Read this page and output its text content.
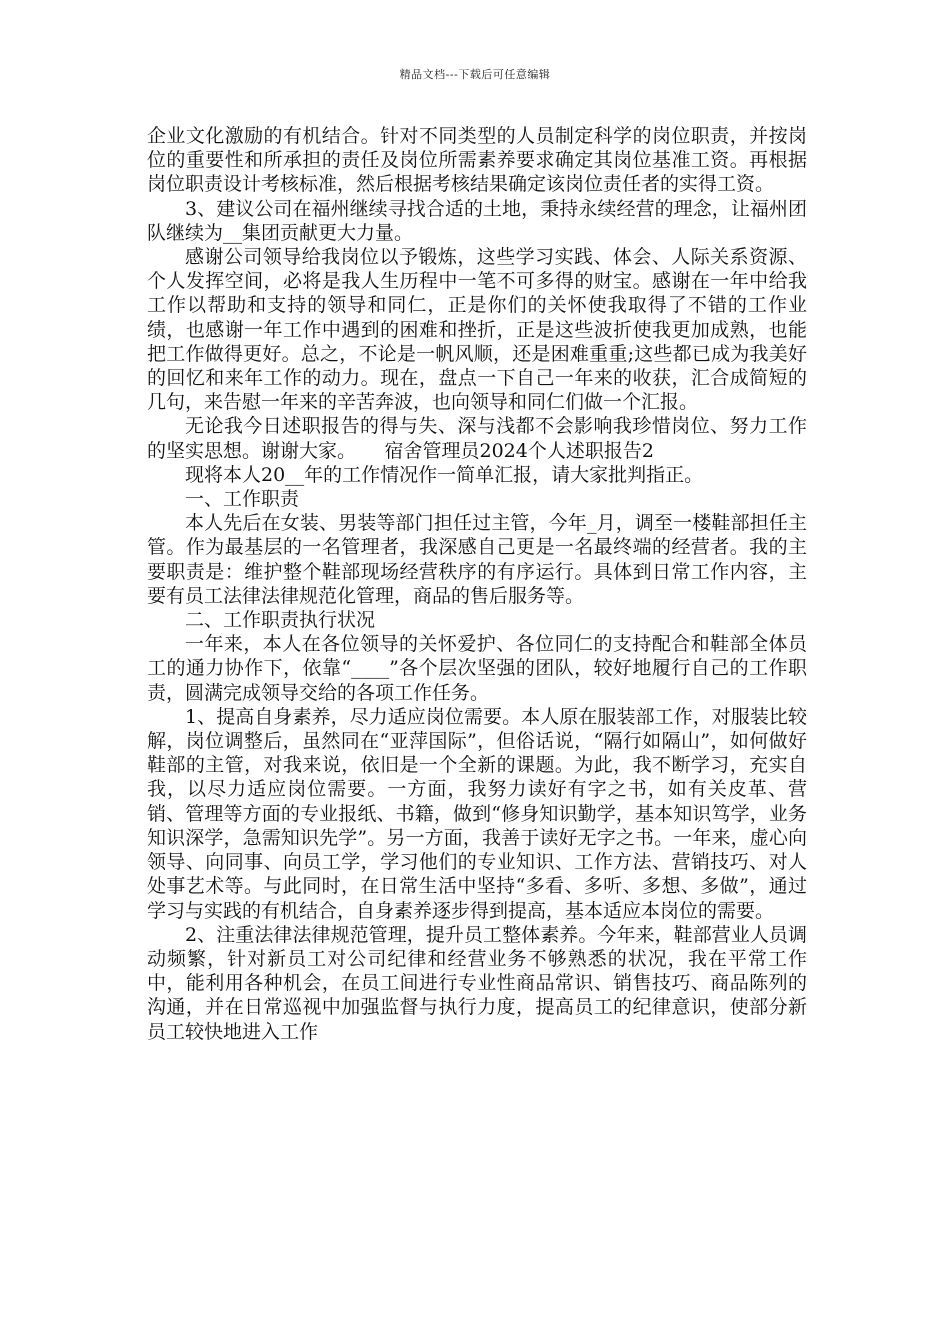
精品文档---下载后可任意编辑

企业文化激励的有机结合。针对不同类型的人员制定科学的岗位职责，并按岗位的重要性和所承担的责任及岗位所需素养要求确定其岗位基准工资。再根据岗位职责设计考核标准，然后根据考核结果确定该岗位责任者的实得工资。

3、建议公司在福州继续寻找合适的土地，秉持永续经营的理念，让福州团队继续为__集团贡献更大力量。

感谢公司领导给我岗位以予锻炼，这些学习实践、体会、人际关系资源、个人发挥空间，必将是我人生历程中一笔不可多得的财宝。感谢在一年中给我工作以帮助和支持的领导和同仁，正是你们的关怀使我取得了不错的工作业绩，也感谢一年工作中遇到的困难和挫折，正是这些波折使我更加成熟，也能把工作做得更好。总之，不论是一帆风顺，还是困难重重;这些都已成为我美好的回忆和来年工作的动力。现在，盘点一下自己一年来的收获，汇合成简短的几句，来告慰一年来的辛苦奔波，也向领导和同仁们做一个汇报。

无论我今日述职报告的得与失、深与浅都不会影响我珍惜岗位、努力工作的坚实思想。谢谢大家。　　宿舍管理员2024个人述职报告2

现将本人20__年的工作情况作一简单汇报，请大家批判指正。

一、工作职责

本人先后在女装、男装等部门担任过主管，今年_月，调至一楼鞋部担任主管。作为最基层的一名管理者，我深感自己更是一名最终端的经营者。我的主要职责是：维护整个鞋部现场经营秩序的有序运行。具体到日常工作内容，主要有员工法律法律规范化管理，商品的售后服务等。

二、工作职责执行状况

一年来，本人在各位领导的关怀爱护、各位同仁的支持配合和鞋部全体员工的通力协作下，依靠“____”各个层次坚强的团队，较好地履行自己的工作职责，圆满完成领导交给的各项工作任务。

1、提高自身素养，尽力适应岗位需要。本人原在服装部工作，对服装比较解，岗位调整后，虽然同在“亚萍国际”，但俗话说，“隔行如隔山”，如何做好鞋部的主管，对我来说，依旧是一个全新的课题。为此，我不断学习，充实自我，以尽力适应岗位需要。一方面，我努力读好有字之书，如有关皮革、营销、管理等方面的专业报纸、书籍，做到“修身知识勤学，基本知识笃学，业务知识深学，急需知识先学”。另一方面，我善于读好无字之书。一年来，虚心向领导、向同事、向员工学，学习他们的专业知识、工作方法、营销技巧、对人处事艺术等。与此同时，在日常生活中坚持“多看、多听、多想、多做”，通过学习与实践的有机结合，自身素养逐步得到提高，基本适应本岗位的需要。

2、注重法律法律规范管理，提升员工整体素养。今年来，鞋部营业人员调动频繁，针对新员工对公司纪律和经营业务不够熟悉的状况，我在平常工作中，能利用各种机会，在员工间进行专业性商品常识、销售技巧、商品陈列的沟通，并在日常巡视中加强监督与执行力度，提高员工的纪律意识，使部分新员工较快地进入工作
